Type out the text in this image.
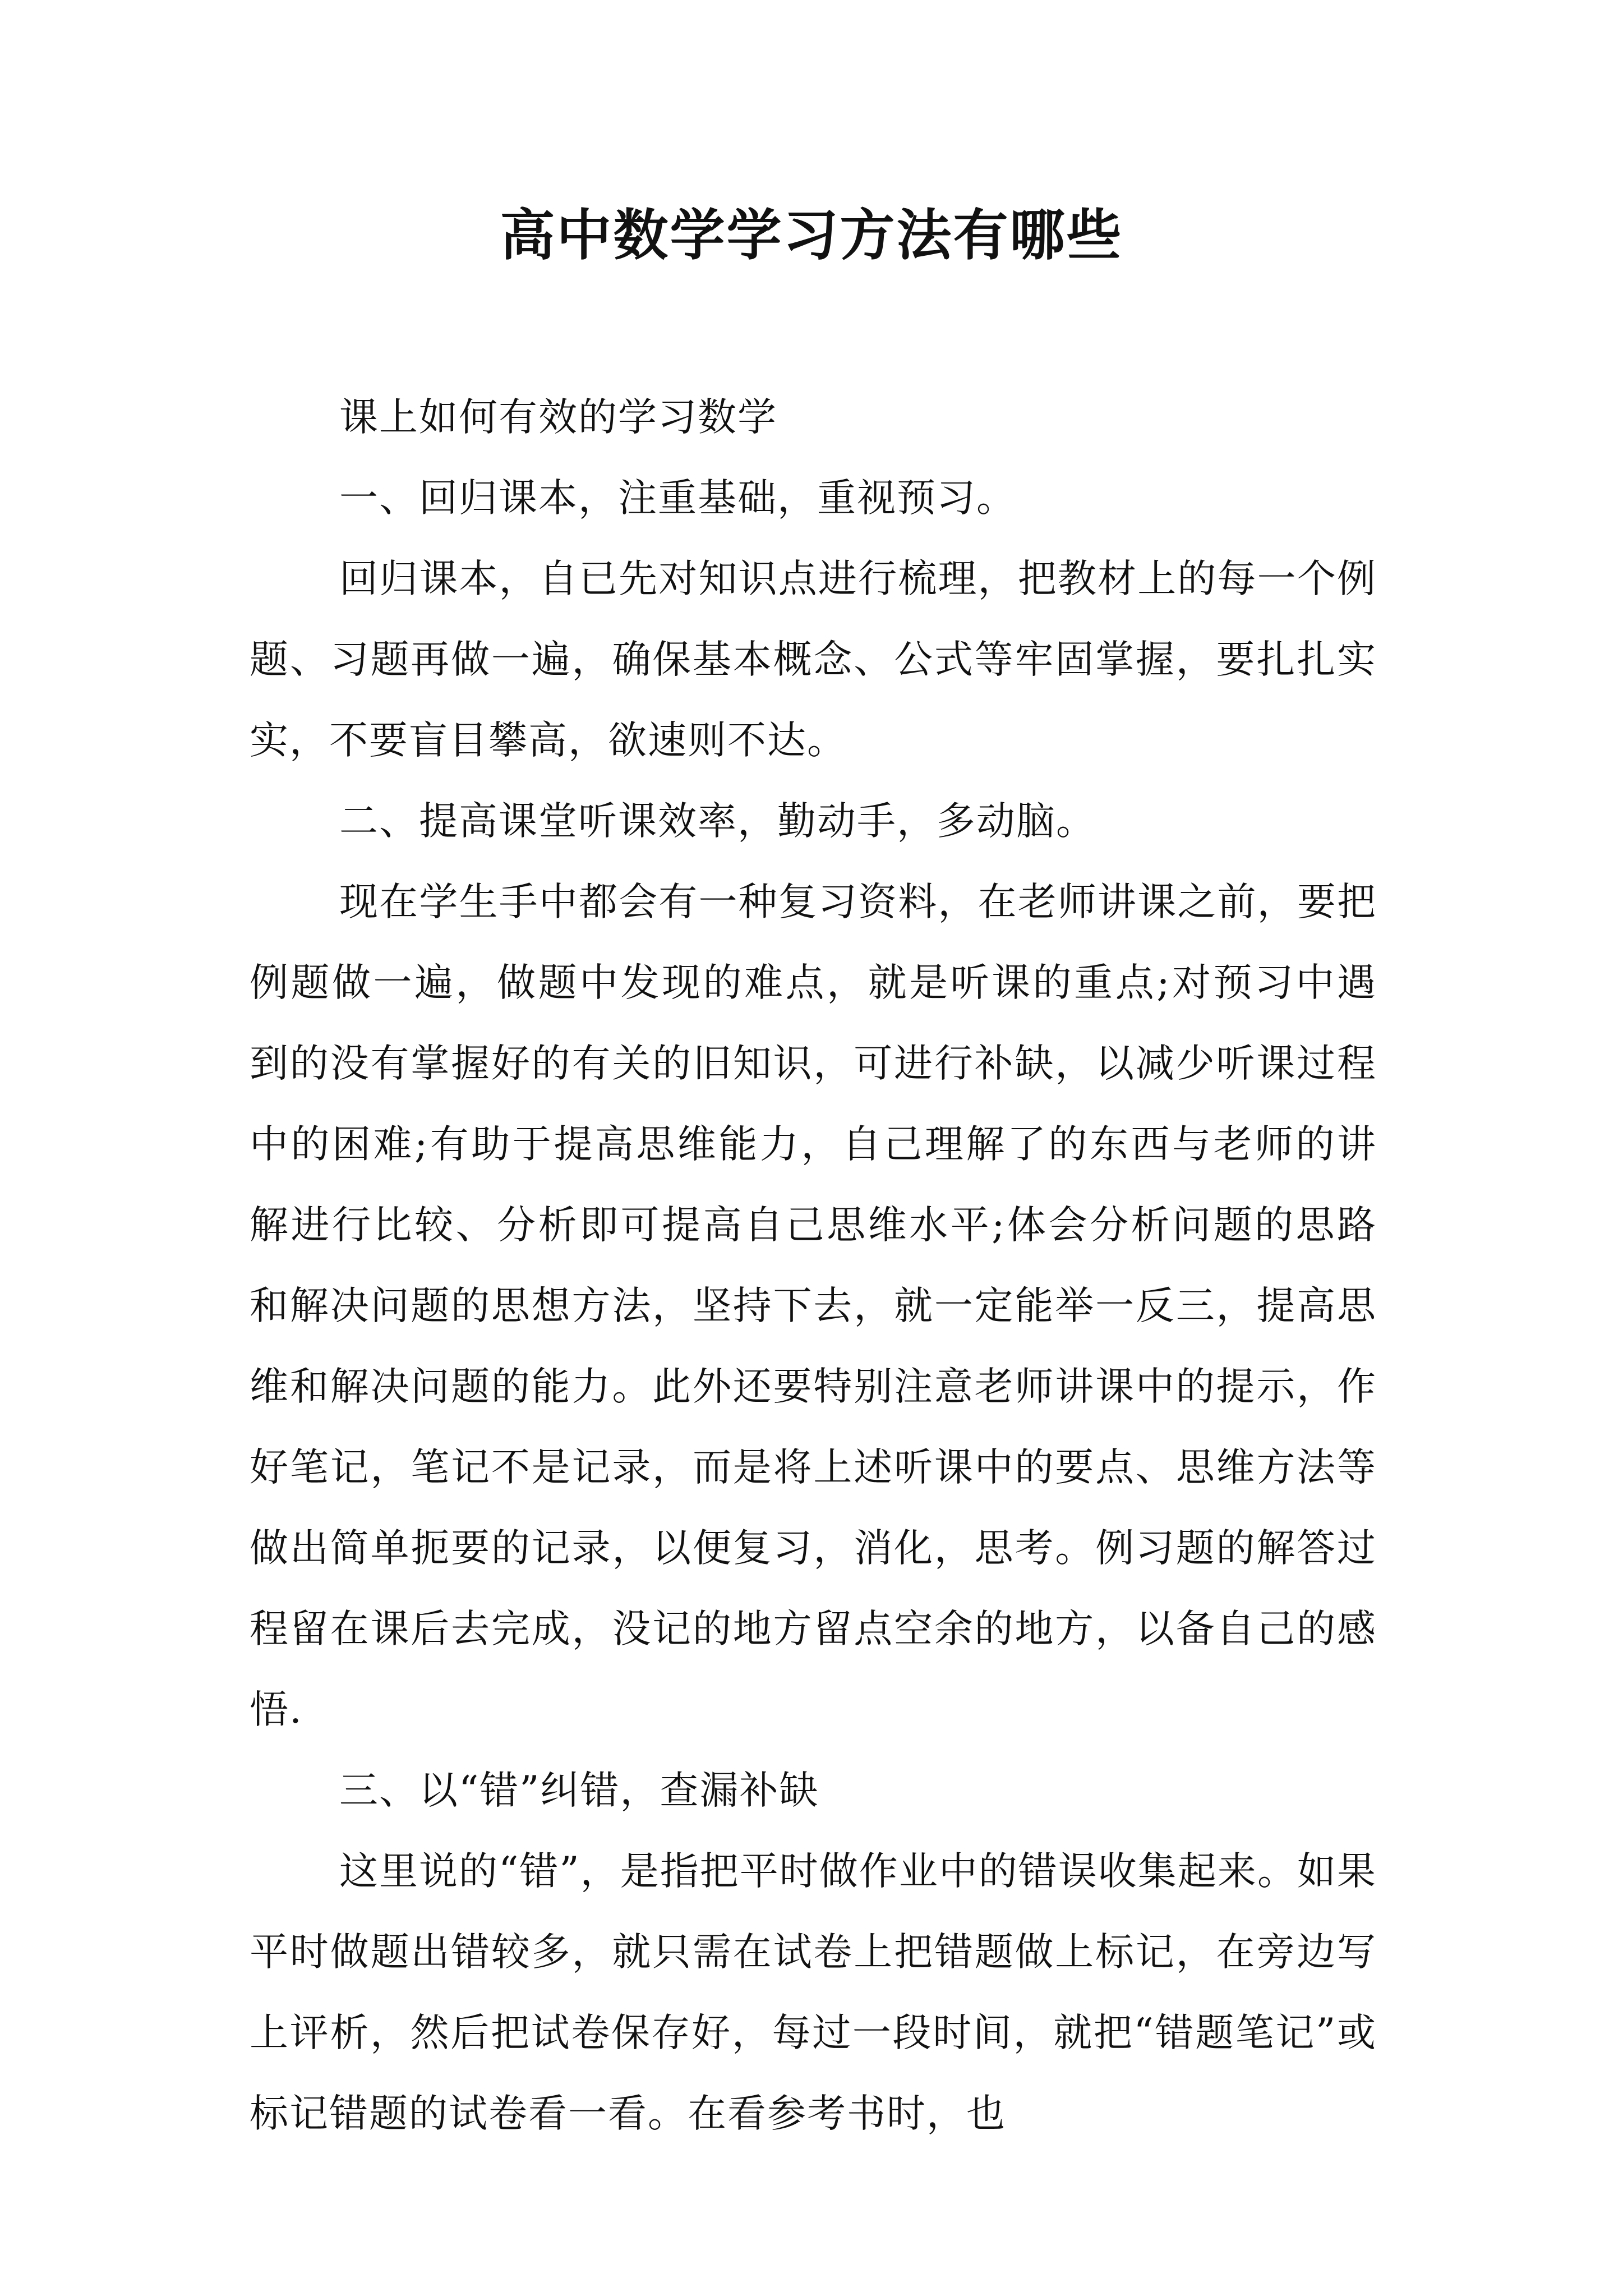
高中数学学习方法有哪些

课上如何有效的学习数学

一、回归课本，注重基础，重视预习。

回归课本，自已先对知识点进行梳理，把教材上的每一个例题、习题再做一遍，确保基本概念、公式等牢固掌握，要扎扎实实，不要盲目攀高，欲速则不达。

二、提高课堂听课效率，勤动手，多动脑。

现在学生手中都会有一种复习资料，在老师讲课之前，要把例题做一遍，做题中发现的难点，就是听课的重点;对预习中遇到的没有掌握好的有关的旧知识，可进行补缺，以减少听课过程中的困难;有助于提高思维能力，自己理解了的东西与老师的讲解进行比较、分析即可提高自己思维水平;体会分析问题的思路和解决问题的思想方法，坚持下去，就一定能举一反三，提高思维和解决问题的能力。此外还要特别注意老师讲课中的提示，作好笔记，笔记不是记录，而是将上述听课中的要点、思维方法等做出简单扼要的记录，以便复习，消化，思考。例习题的解答过程留在课后去完成，没记的地方留点空余的地方，以备自己的感悟.

三、以“错”纠错，查漏补缺

这里说的“错”，是指把平时做作业中的错误收集起来。如果平时做题出错较多，就只需在试卷上把错题做上标记，在旁边写上评析，然后把试卷保存好，每过一段时间，就把“错题笔记”或标记错题的试卷看一看。在看参考书时，也
